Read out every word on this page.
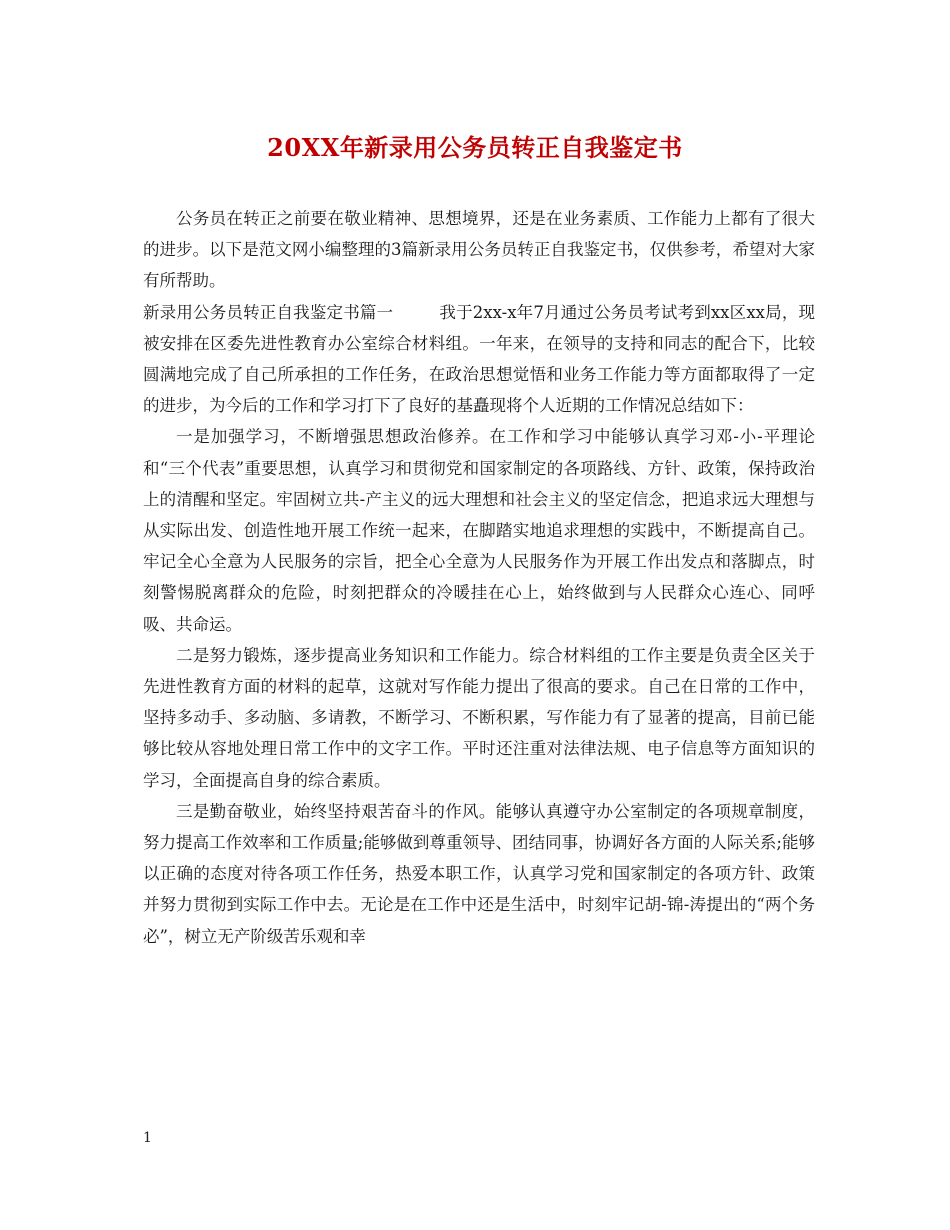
20XX年新录用公务员转正自我鉴定书

公务员在转正之前要在敬业精神、思想境界，还是在业务素质、工作能力上都有了很大的进步。以下是范文网小编整理的3篇新录用公务员转正自我鉴定书，仅供参考，希望对大家有所帮助。

新录用公务员转正自我鉴定书篇一	我于2xx-x年7月通过公务员考试考到xx区xx局，现被安排在区委先进性教育办公室综合材料组。一年来，在领导的支持和同志的配合下，比较圆满地完成了自己所承担的工作任务，在政治思想觉悟和业务工作能力等方面都取得了一定的进步，为今后的工作和学习打下了良好的基矗现将个人近期的工作情况总结如下：

一是加强学习，不断增强思想政治修养。在工作和学习中能够认真学习邓-小-平理论和“三个代表”重要思想，认真学习和贯彻党和国家制定的各项路线、方针、政策，保持政治上的清醒和坚定。牢固树立共-产主义的远大理想和社会主义的坚定信念，把追求远大理想与从实际出发、创造性地开展工作统一起来，在脚踏实地追求理想的实践中，不断提高自己。牢记全心全意为人民服务的宗旨，把全心全意为人民服务作为开展工作出发点和落脚点，时刻警惕脱离群众的危险，时刻把群众的冷暖挂在心上，始终做到与人民群众心连心、同呼吸、共命运。

二是努力锻炼，逐步提高业务知识和工作能力。综合材料组的工作主要是负责全区关于先进性教育方面的材料的起草，这就对写作能力提出了很高的要求。自己在日常的工作中，坚持多动手、多动脑、多请教，不断学习、不断积累，写作能力有了显著的提高，目前已能够比较从容地处理日常工作中的文字工作。平时还注重对法律法规、电子信息等方面知识的学习，全面提高自身的综合素质。

三是勤奋敬业，始终坚持艰苦奋斗的作风。能够认真遵守办公室制定的各项规章制度，努力提高工作效率和工作质量;能够做到尊重领导、团结同事，协调好各方面的人际关系;能够以正确的态度对待各项工作任务，热爱本职工作，认真学习党和国家制定的各项方针、政策并努力贯彻到实际工作中去。无论是在工作中还是生活中，时刻牢记胡-锦-涛提出的“两个务必”，树立无产阶级苦乐观和幸

1
